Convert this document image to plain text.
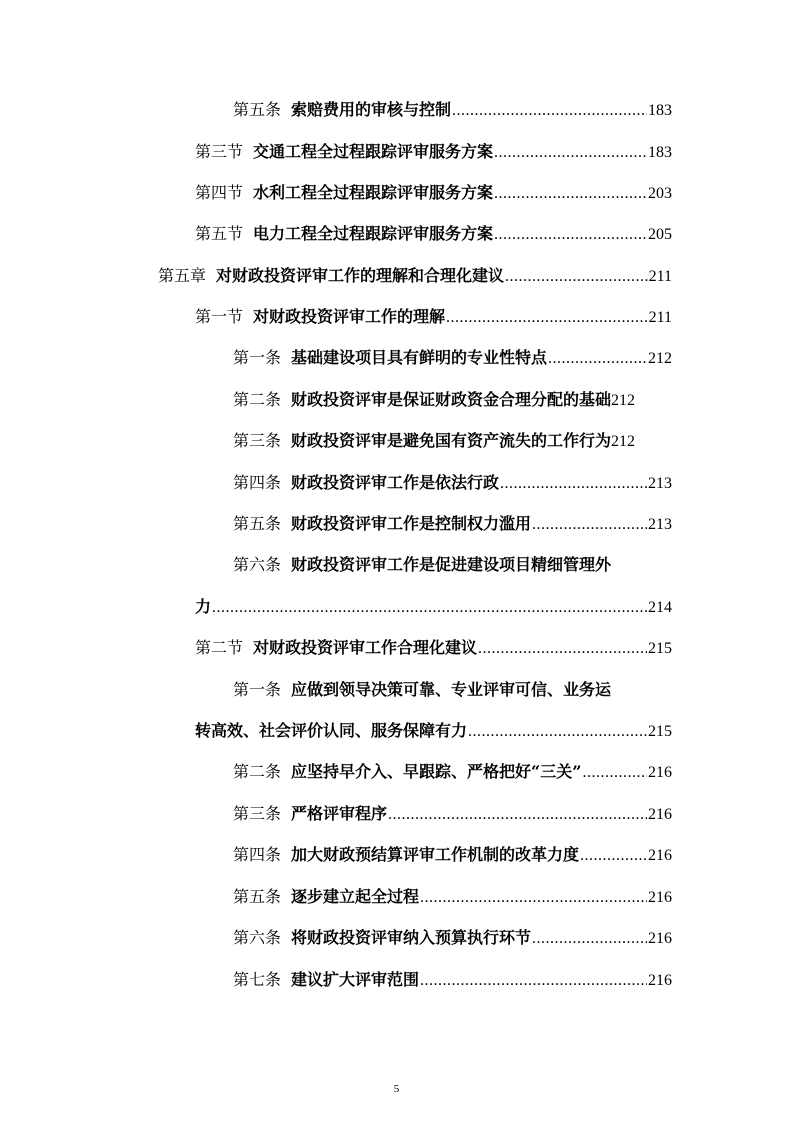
第五条 索赔费用的审核与控制 .....	183
第三节 交通工程全过程跟踪评审服务方案 .....	183
第四节 水利工程全过程跟踪评审服务方案 .....	203
第五节 电力工程全过程跟踪评审服务方案 .....	205
第五章 对财政投资评审工作的理解和合理化建议 .....	211
第一节 对财政投资评审工作的理解 .....	211
第一条 基础建设项目具有鲜明的专业性特点 .....	212
第二条 财政投资评审是保证财政资金合理分配的基础 212
第三条 财政投资评审是避免国有资产流失的工作行为 212
第四条 财政投资评审工作是依法行政 .....	213
第五条 财政投资评审工作是控制权力滥用 .....	213
第六条 财政投资评审工作是促进建设项目精细管理外
力 .....	214
第二节 对财政投资评审工作合理化建议 .....	215
第一条 应做到领导决策可靠、专业评审可信、业务运
转高效、社会评价认同、服务保障有力 .....	215
第二条 应坚持早介入、早跟踪、严格把好“三关” .....	216
第三条 严格评审程序 .....	216
第四条 加大财政预结算评审工作机制的改革力度 .....	216
第五条 逐步建立起全过程 .....	216
第六条 将财政投资评审纳入预算执行环节 .....	216
第七条 建议扩大评审范围 .....	216
5
